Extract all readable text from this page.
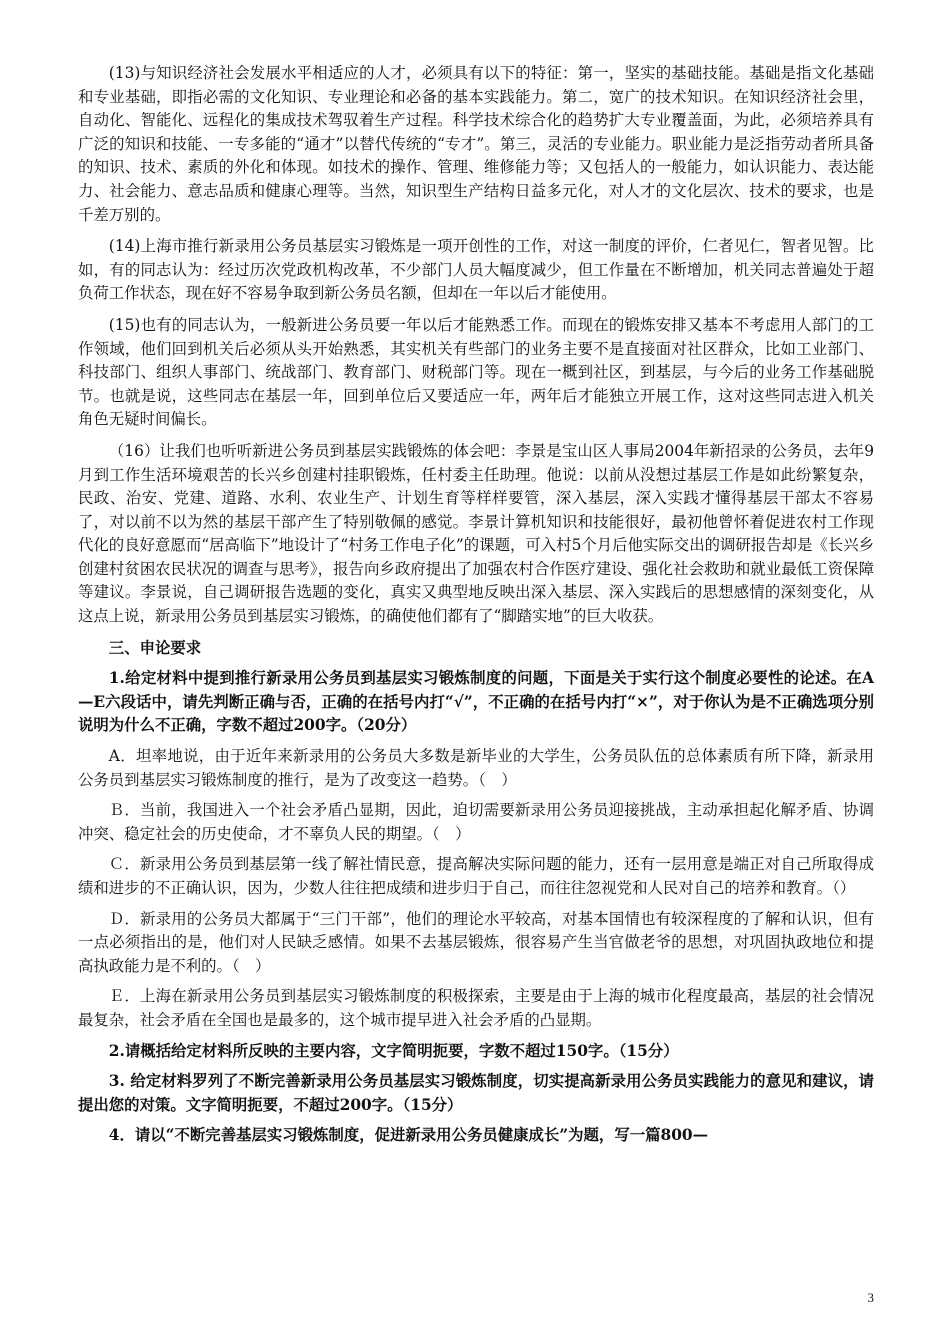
(13)与知识经济社会发展水平相适应的人才，必须具有以下的特征：第一，坚实的基础技能。基础是指文化基础和专业基础，即指必需的文化知识、专业理论和必备的基本实践能力。第二，宽广的技术知识。在知识经济社会里，自动化、智能化、远程化的集成技术驾驭着生产过程。科学技术综合化的趋势扩大专业覆盖面，为此，必须培养具有广泛的知识和技能、一专多能的“通才”以替代传统的“专才”。第三，灵活的专业能力。职业能力是泛指劳动者所具备的知识、技术、素质的外化和体现。如技术的操作、管理、维修能力等；又包括人的一般能力，如认识能力、表达能力、社会能力、意志品质和健康心理等。当然，知识型生产结构日益多元化，对人才的文化层次、技术的要求，也是千差万别的。

(14)上海市推行新录用公务员基层实习锻炼是一项开创性的工作，对这一制度的评价，仁者见仁，智者见智。比如，有的同志认为：经过历次党政机构改革，不少部门人员大幅度减少，但工作量在不断增加，机关同志普遍处于超负荷工作状态，现在好不容易争取到新公务员名额，但却在一年以后才能使用。

(15)也有的同志认为，一般新进公务员要一年以后才能熟悉工作。而现在的锻炼安排又基本不考虑用人部门的工作领域，他们回到机关后必须从头开始熟悉，其实机关有些部门的业务主要不是直接面对社区群众，比如工业部门、科技部门、组织人事部门、统战部门、教育部门、财税部门等。现在一概到社区，到基层，与今后的业务工作基础脱节。也就是说，这些同志在基层一年，回到单位后又要适应一年，两年后才能独立开展工作，这对这些同志进入机关角色无疑时间偏长。

（16）让我们也听听新进公务员到基层实践锻炼的体会吧：李景是宝山区人事局2004年新招录的公务员，去年9月到工作生活环境艰苦的长兴乡创建村挂职锻炼，任村委主任助理。他说：以前从没想过基层工作是如此纷繁复杂，民政、治安、党建、道路、水利、农业生产、计划生育等样样要管，深入基层，深入实践才懂得基层干部太不容易了，对以前不以为然的基层干部产生了特别敬佩的感觉。李景计算机知识和技能很好，最初他曾怀着促进农村工作现代化的良好意愿而“居高临下”地设计了“村务工作电子化”的课题，可入村5个月后他实际交出的调研报告却是《长兴乡创建村贫困农民状况的调查与思考》，报告向乡政府提出了加强农村合作医疗建设、强化社会救助和就业最低工资保障等建议。李景说，自己调研报告选题的变化，真实又典型地反映出深入基层、深入实践后的思想感情的深刻变化，从这点上说，新录用公务员到基层实习锻炼，的确使他们都有了“脚踏实地”的巨大收获。

三、申论要求

1.给定材料中提到推行新录用公务员到基层实习锻炼制度的问题，下面是关于实行这个制度必要性的论述。在A—E六段话中，请先判断正确与否，正确的在括号内打“√”，不正确的在括号内打“×”，对于你认为是不正确选项分别说明为什么不正确，字数不超过200字。（20分）

A．坦率地说，由于近年来新录用的公务员大多数是新毕业的大学生，公务员队伍的总体素质有所下降，新录用公务员到基层实习锻炼制度的推行，是为了改变这一趋势。（　）

Ｂ．当前，我国进入一个社会矛盾凸显期，因此，迫切需要新录用公务员迎接挑战，主动承担起化解矛盾、协调冲突、稳定社会的历史使命，才不辜负人民的期望。（　）

Ｃ．新录用公务员到基层第一线了解社情民意，提高解决实际问题的能力，还有一层用意是端正对自己所取得成绩和进步的不正确认识，因为，少数人往往把成绩和进步归于自己，而往往忽视党和人民对自己的培养和教育。（）

Ｄ．新录用的公务员大都属于“三门干部”，他们的理论水平较高，对基本国情也有较深程度的了解和认识，但有一点必须指出的是，他们对人民缺乏感情。如果不去基层锻炼，很容易产生当官做老爷的思想，对巩固执政地位和提高执政能力是不利的。（　）

Ｅ．上海在新录用公务员到基层实习锻炼制度的积极探索，主要是由于上海的城市化程度最高，基层的社会情况最复杂，社会矛盾在全国也是最多的，这个城市提早进入社会矛盾的凸显期。

2.请概括给定材料所反映的主要内容，文字简明扼要，字数不超过150字。（15分）

3. 给定材料罗列了不断完善新录用公务员基层实习锻炼制度，切实提高新录用公务员实践能力的意见和建议，请提出您的对策。文字简明扼要，不超过200字。（15分）

4．请以“不断完善基层实习锻炼制度，促进新录用公务员健康成长”为题，写一篇800—

3
